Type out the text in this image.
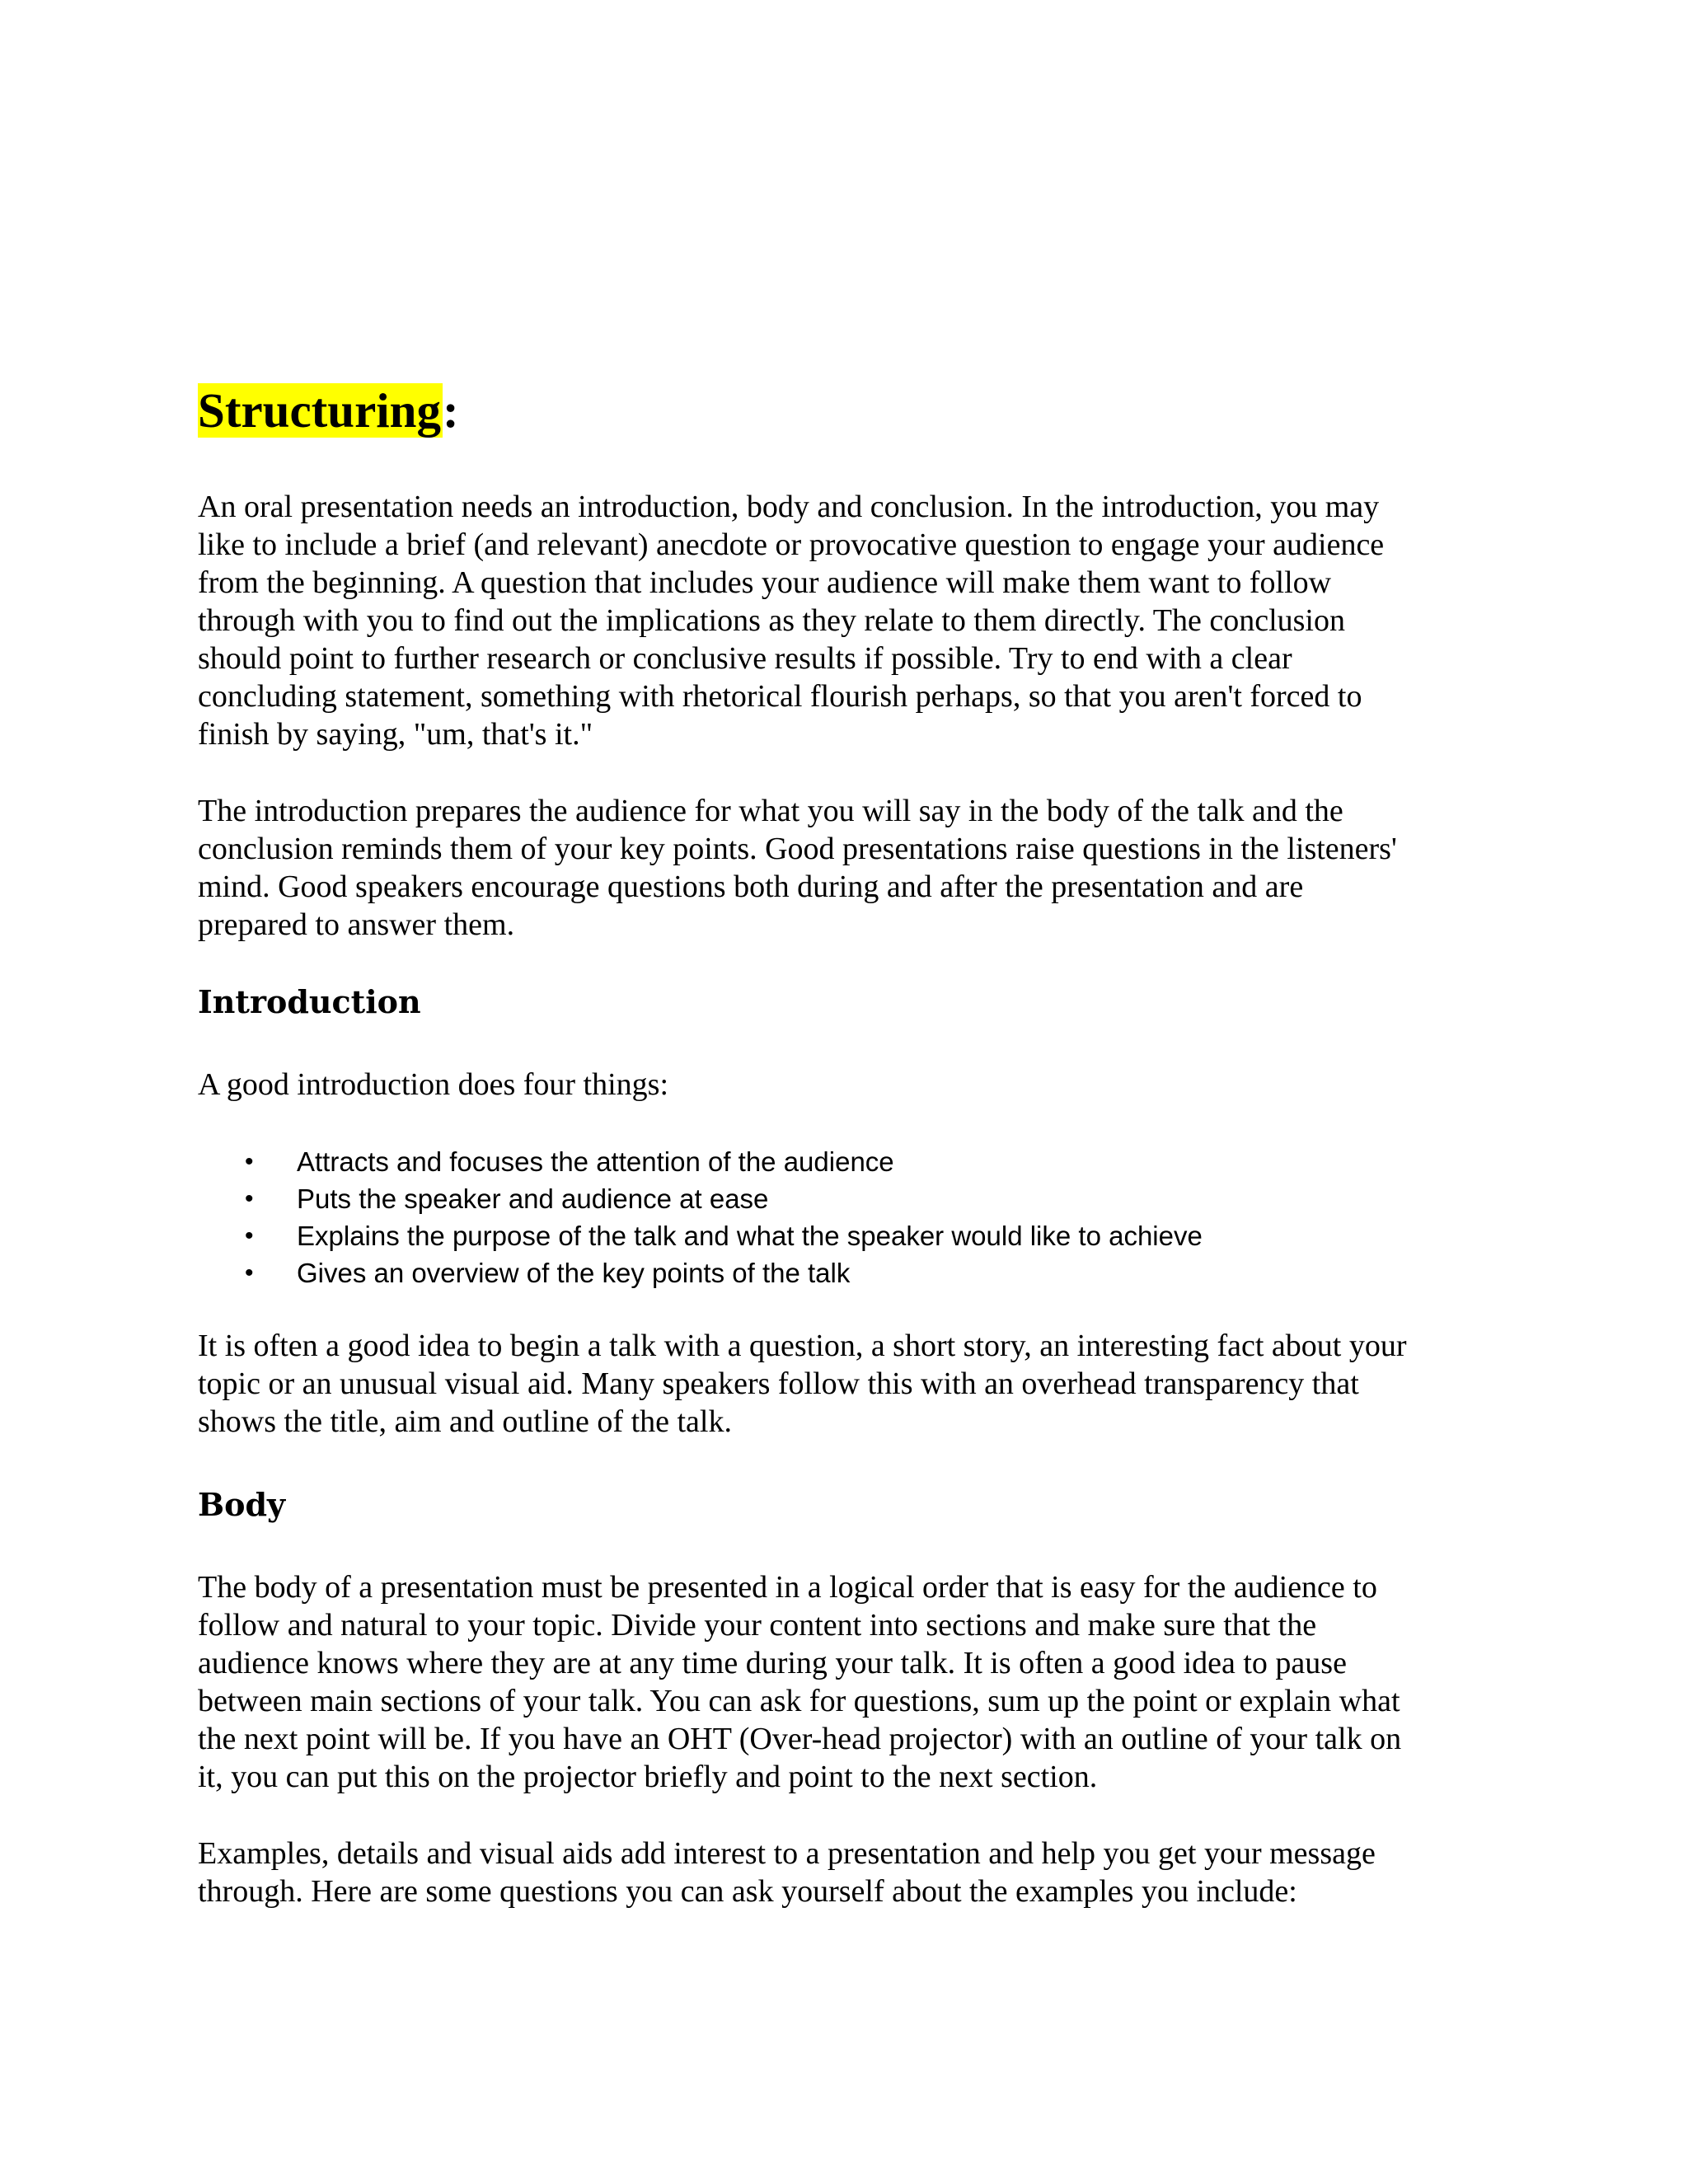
Structuring:

An oral presentation needs an introduction, body and conclusion. In the introduction, you may
like to include a brief (and relevant) anecdote or provocative question to engage your audience
from the beginning. A question that includes your audience will make them want to follow
through with you to find out the implications as they relate to them directly. The conclusion
should point to further research or conclusive results if possible. Try to end with a clear
concluding statement, something with rhetorical flourish perhaps, so that you aren't forced to
finish by saying, "um, that's it."

The introduction prepares the audience for what you will say in the body of the talk and the
conclusion reminds them of your key points. Good presentations raise questions in the listeners'
mind. Good speakers encourage questions both during and after the presentation and are
prepared to answer them.

Introduction

A good introduction does four things:

• Attracts and focuses the attention of the audience
• Puts the speaker and audience at ease
• Explains the purpose of the talk and what the speaker would like to achieve
• Gives an overview of the key points of the talk

It is often a good idea to begin a talk with a question, a short story, an interesting fact about your
topic or an unusual visual aid. Many speakers follow this with an overhead transparency that
shows the title, aim and outline of the talk.

Body

The body of a presentation must be presented in a logical order that is easy for the audience to
follow and natural to your topic. Divide your content into sections and make sure that the
audience knows where they are at any time during your talk. It is often a good idea to pause
between main sections of your talk. You can ask for questions, sum up the point or explain what
the next point will be. If you have an OHT (Over-head projector) with an outline of your talk on
it, you can put this on the projector briefly and point to the next section.

Examples, details and visual aids add interest to a presentation and help you get your message
through. Here are some questions you can ask yourself about the examples you include:
